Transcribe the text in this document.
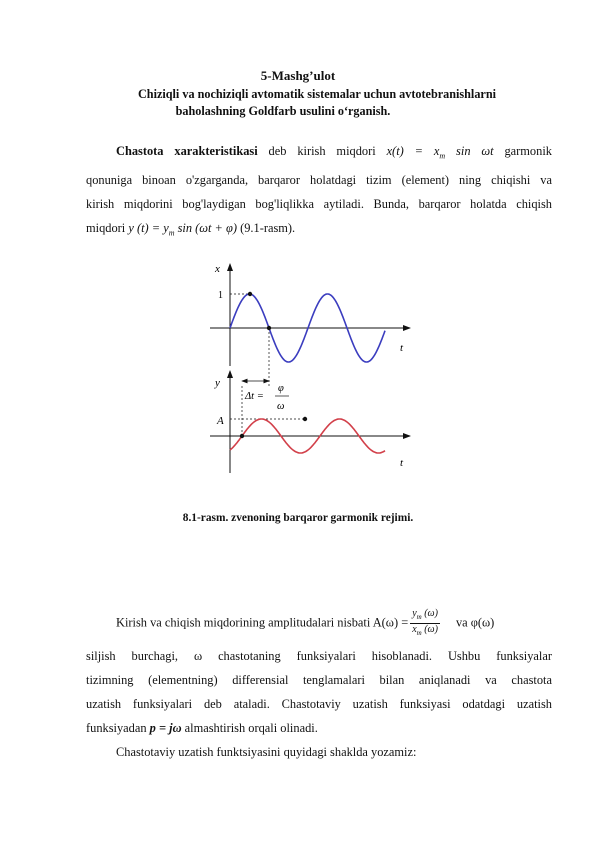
5-Mashg’ulot
Chiziqli va nochiziqli avtomatik sistemalar uchun avtotebranishlarni
baholashning Goldfarb usulini o‘rganish.
Chastota xarakteristikasi deb kirish miqdori $x(t) = x_m$ sin ωt garmonik
qonuniga binoan o'zgarganda, barqaror holatdagi tizim (element) ning chiqishi va
kirish miqdorini bog'laydigan bog'liqlikka aytiladi. Bunda, barqaror holatda chiqish
miqdori y $(t) = y_m$ sin (ωt + φ) (9.1-rasm).
x
t
1
y
t
A
Δt =
φ
ω
8.1-rasm. zvenoning barqaror garmonik rejimi.
Kirish va chiqish miqdorining amplitudalari nisbati $A(\omega) = \frac{y_m (\omega)}{x_m (\omega)}$ va φ(ω)
siljish burchagi, ω chastotaning funksiyalari hisoblanadi. Ushbu funksiyalar
tizimning (elementning) differensial tenglamalari bilan aniqlanadi va chastota
uzatish funksiyalari deb ataladi. Chastotaviy uzatish funksiyasi odatdagi uzatish
funksiyadan p = jω almashtirish orqali olinadi.
Chastotaviy uzatish funktsiyasini quyidagi shaklda yozamiz:
